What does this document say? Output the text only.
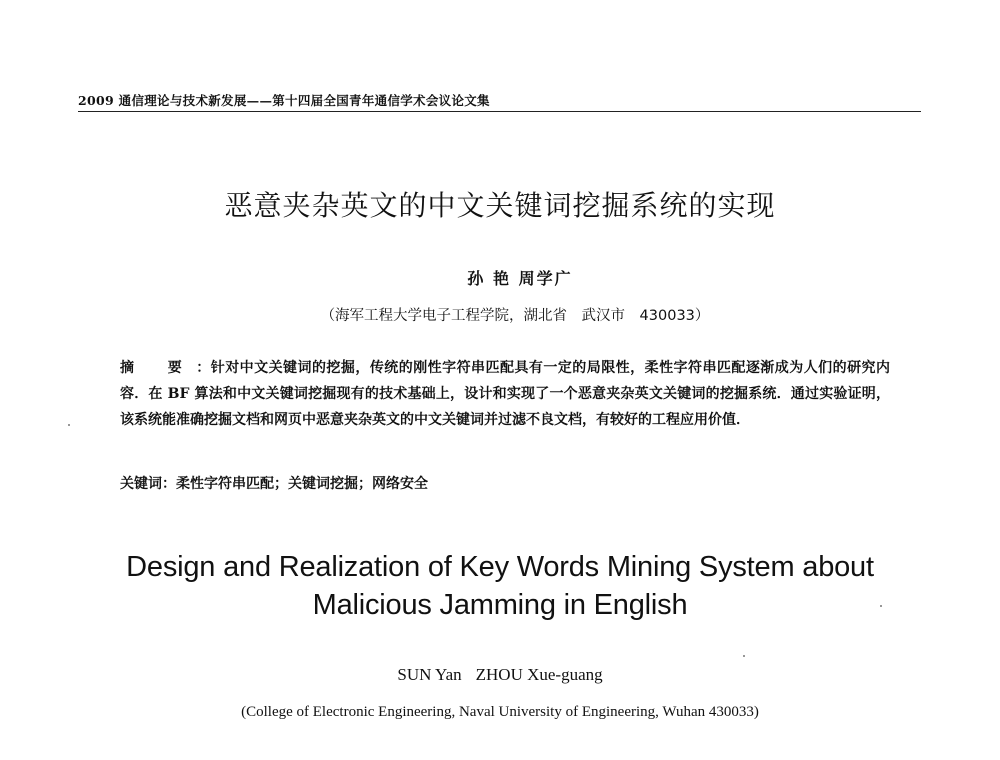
2009 通信理论与技术新发展——第十四届全国青年通信学术会议论文集
恶意夹杂英文的中文关键词挖掘系统的实现
孙 艳 周学广
（海军工程大学电子工程学院，湖北省　武汉市　430033）
摘 要：针对中文关键词的挖掘，传统的刚性字符串匹配具有一定的局限性，柔性字符串匹配逐渐成为人们的研究内容．在 BF 算法和中文关键词挖掘现有的技术基础上，设计和实现了一个恶意夹杂英文关键词的挖掘系统．通过实验证明，该系统能准确挖掘文档和网页中恶意夹杂英文的中文关键词并过滤不良文档，有较好的工程应用价值．
关键词：柔性字符串匹配；关键词挖掘；网络安全
Design and Realization of Key Words Mining System about
Malicious Jamming in English
SUN Yan ZHOU Xue-guang
(College of Electronic Engineering, Naval University of Engineering, Wuhan 430033)
